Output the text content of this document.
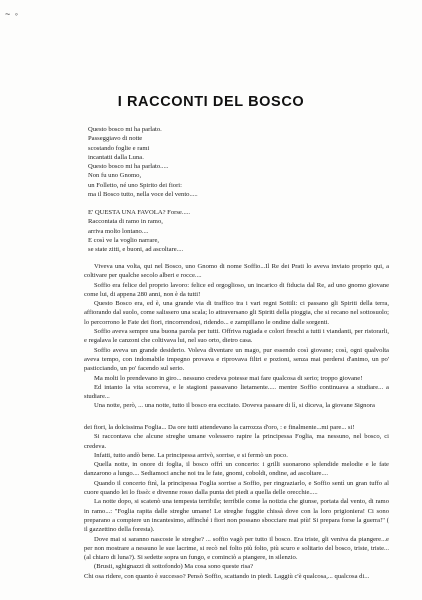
~ ◦
I RACCONTI DEL BOSCO
Questo bosco mi ha parlato.
Passeggiavo di notte
scostando foglie e rami
incantatii dalla Luna.
Questo bosco mi ha parlato.....
Non fu uno Gnomo,
un Folletto, né uno Spirito dei fiori:
ma il Bosco tutto, nella voce del vento.....
E' QUESTA UNA FAVOLA? Forse.....
Raccontata di ramo in ramo,
arriva molto lontano....
E così ve la voglio narrare,
se state zitti, e buoni, ad ascoltare....
Viveva una volta, qui nel Bosco, uno Gnomo di nome Soffio...Il Re dei Prati lo aveva inviato proprio qui, a coltivare per qualche secolo alberi e rocce....
Soffio era felice del proprio lavoro: felice ed orgoglioso, un incarico di fiducia dal Re, ad uno gnomo giovane come lui, di appena 280 anni, non è da tutti!
Questo Bosco era, ed è, una grande via di traffico tra i vari regni Sottili: ci passano gli Spiriti della terra, affiorando dal suolo, come salissero una scala; lo attraversano gli Spiriti della pioggia, che si recano nel sottosuolo; lo percorrono le Fate dei fiori, rincorrendosi, ridendo... e zampillano le ondine dalle sorgenti.
Soffio aveva sempre una buona parola per tutti. Offriva rugiada e colori freschi a tutti i viandanti, per ristorarli, e regalava le canzoni che coltivava lui, nel suo orto, dietro casa.
Soffio aveva un grande desiderio. Voleva diventare un mago, pur essendo così giovane; così, ogni qualvolta aveva tempo, con indomabile impegno provava e riprovava filtri e pozioni, senza mai perdersi d'animo, un po' pasticciando, un po' facendo sul serio.
Ma molti lo prendevano in giro... nessuno credeva potesse mai fare qualcosa di serio; troppo giovane!
Ed intanto la vita scorreva, e le stagioni passavano lietamente..... mentre Soffio continuava a studiare... a studiare...
Una notte, però, ... una notte, tutto il bosco era eccitato. Doveva passare di lì, si diceva, la giovane Signora
dei fiori, la dolcissima Foglia... Da ore tutti attendevano la carrozza d'oro, : e finalmente...mi pare... si!
Si raccontava che alcune streghe umane volessero rapire la principessa Foglia, ma nessuno, nel bosco, ci credeva.
Infatti, tutto andò bene. La principessa arrivò, sorrise, e si fermò un poco.
Quella notte, in onore di foglia, il bosco offrì un concerto: i grilli suonarono splendide melodie e le fate danzarono a lungo.... Sediamoci anche noi tra le fate, gnomi, coboldi, ondine, ad ascoltare....
Quando il concerto finì, la principessa Foglia sorrise a Soffio, per ringraziarlo, e Soffio sentì un gran tuffo al cuore quando lei lo fissò: e divenne rosso dalla punta dei piedi a quella delle orecchie.....
La notte dopo, si scatenò una tempesta terribile; terribile come la notizia che giunse, portata dal vento, di ramo in ramo...: "Foglia rapita dalle streghe umane! Le streghe fuggite chissà dove con la loro prigioniera! Ci sono preparano a compiere un incantesimo, affinché i fiori non possano sbocciare mai più! Si prepara forse la guerra!" ( il gazzettino della foresta).
Dove mai si saranno nascoste le streghe? ... soffio vagò per tutto il bosco. Era triste, gli veniva da piangere...e per non mostrare a nessuno le sue lacrime, si recò nel folto più folto, più scuro e solitario del bosco, triste, triste... (al chiaro di luna?). Si sedette sopra un fungo, e cominciò a piangere, in silenzio.
(Brusii, sghignazzi di sottofondo) Ma cosa sono queste risa?
Chi osa ridere, con quanto è successo? Pensò Soffio, scattando in piedi. Laggiù c'è qualcosa,... qualcosa di...
